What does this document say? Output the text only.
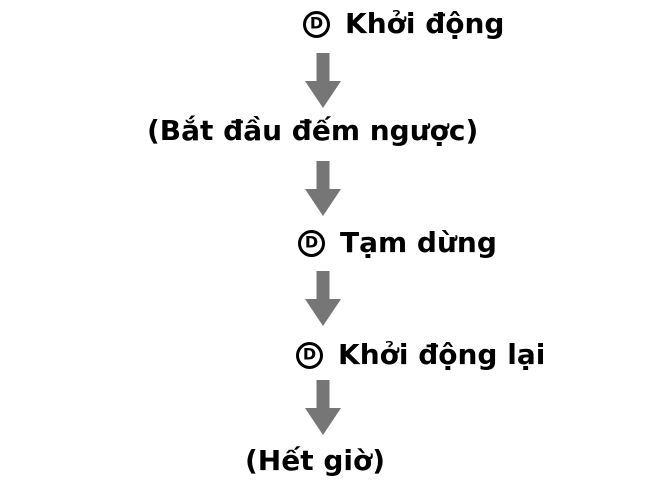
D Khởi động
(Bắt đầu đếm ngược)
D Tạm dừng
D Khởi động lại
(Hết giờ)
